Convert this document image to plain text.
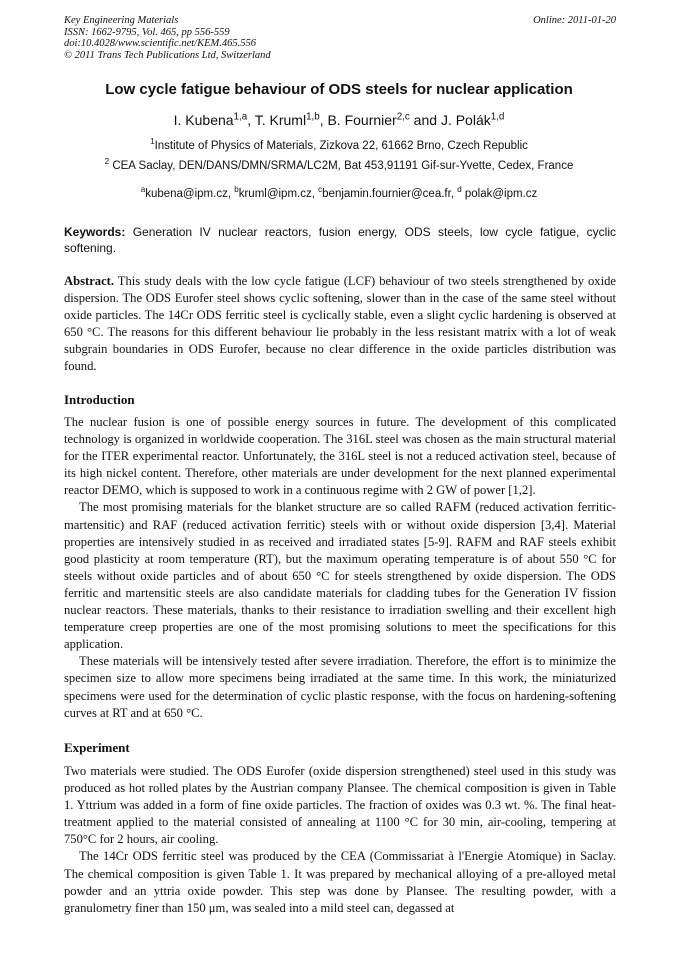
Key Engineering Materials
ISSN: 1662-9795, Vol. 465, pp 556-559
doi:10.4028/www.scientific.net/KEM.465.556
© 2011 Trans Tech Publications Ltd, Switzerland
Online: 2011-01-20
Low cycle fatigue behaviour of ODS steels for nuclear application
I. Kubena$^{1,a}$, T. Kruml$^{1,b}$, B. Fournier$^{2,c}$ and J. Polák$^{1,d}$
$^1$Institute of Physics of Materials, Zizkova 22, 61662 Brno, Czech Republic
$^2$ CEA Saclay, DEN/DANS/DMN/SRMA/LC2M, Bat 453,91191 Gif-sur-Yvette, Cedex, France
$^a$kubena@ipm.cz, $^b$kruml@ipm.cz, $^c$benjamin.fournier@cea.fr, $^d$ polak@ipm.cz
Keywords: Generation IV nuclear reactors, fusion energy, ODS steels, low cycle fatigue, cyclic softening.

Abstract. This study deals with the low cycle fatigue (LCF) behaviour of two steels strengthened by oxide dispersion. The ODS Eurofer steel shows cyclic softening, slower than in the case of the same steel without oxide particles. The 14Cr ODS ferritic steel is cyclically stable, even a slight cyclic hardening is observed at 650 °C. The reasons for this different behaviour lie probably in the less resistant matrix with a lot of weak subgrain boundaries in ODS Eurofer, because no clear difference in the oxide particles distribution was found.

Introduction

The nuclear fusion is one of possible energy sources in future. The development of this complicated technology is organized in worldwide cooperation. The 316L steel was chosen as the main structural material for the ITER experimental reactor. Unfortunately, the 316L steel is not a reduced activation steel, because of its high nickel content. Therefore, other materials are under development for the next planned experimental reactor DEMO, which is supposed to work in a continuous regime with 2 GW of power [1,2].

The most promising materials for the blanket structure are so called RAFM (reduced activation ferritic-martensitic) and RAF (reduced activation ferritic) steels with or without oxide dispersion [3,4]. Material properties are intensively studied in as received and irradiated states [5-9]. RAFM and RAF steels exhibit good plasticity at room temperature (RT), but the maximum operating temperature is of about 550 °C for steels without oxide particles and of about 650 °C for steels strengthened by oxide dispersion. The ODS ferritic and martensitic steels are also candidate materials for cladding tubes for the Generation IV fission nuclear reactors. These materials, thanks to their resistance to irradiation swelling and their excellent high temperature creep properties are one of the most promising solutions to meet the specifications for this application.

These materials will be intensively tested after severe irradiation. Therefore, the effort is to minimize the specimen size to allow more specimens being irradiated at the same time. In this work, the miniaturized specimens were used for the determination of cyclic plastic response, with the focus on hardening-softening curves at RT and at 650 °C.

Experiment

Two materials were studied. The ODS Eurofer (oxide dispersion strengthened) steel used in this study was produced as hot rolled plates by the Austrian company Plansee. The chemical composition is given in Table 1. Yttrium was added in a form of fine oxide particles. The fraction of oxides was 0.3 wt. %. The final heat-treatment applied to the material consisted of annealing at 1100 °C for 30 min, air-cooling, tempering at 750°C for 2 hours, air cooling.

The 14Cr ODS ferritic steel was produced by the CEA (Commissariat à l'Energie Atomique) in Saclay. The chemical composition is given Table 1. It was prepared by mechanical alloying of a pre-alloyed metal powder and an yttria oxide powder. This step was done by Plansee. The resulting powder, with a granulometry finer than 150 μm, was sealed into a mild steel can, degassed at
